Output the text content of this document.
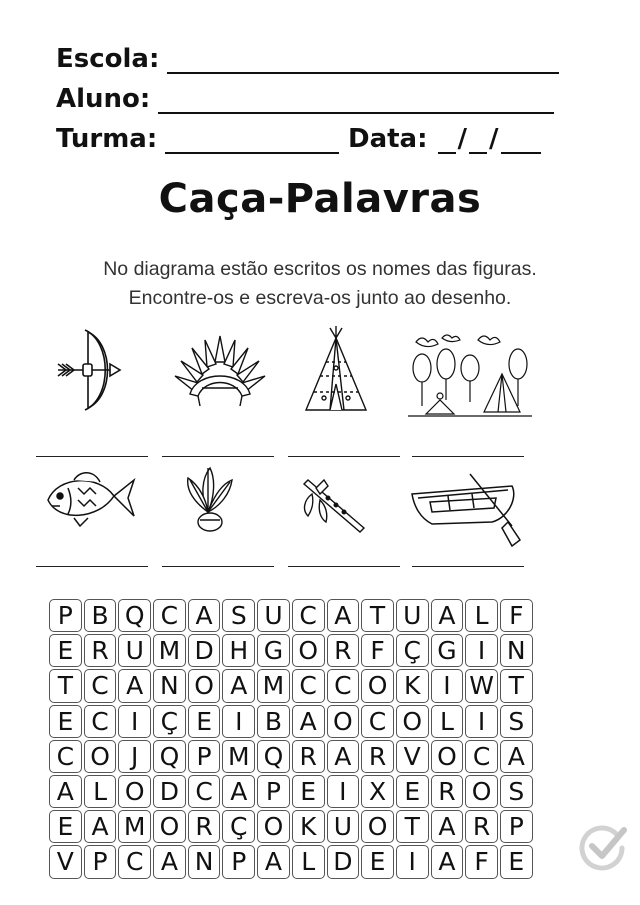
Escola:
Aluno:
Turma:	Data: / /
Caça-Palavras
No diagrama estão escritos os nomes das figuras.
Encontre-os e escreva-os junto ao desenho.
P B Q C A S U C A T U A L F
E R U M D H G O R F Ç G I N
T C A N O A M C C O K I W T
E C I Ç E I B A O C O L I S
C O J Q P M Q R A R V O C A
A L O D C A P E I X E R O S
E A M O R Ç O K U O T A R P
V P C A N P A L D E I A F E
